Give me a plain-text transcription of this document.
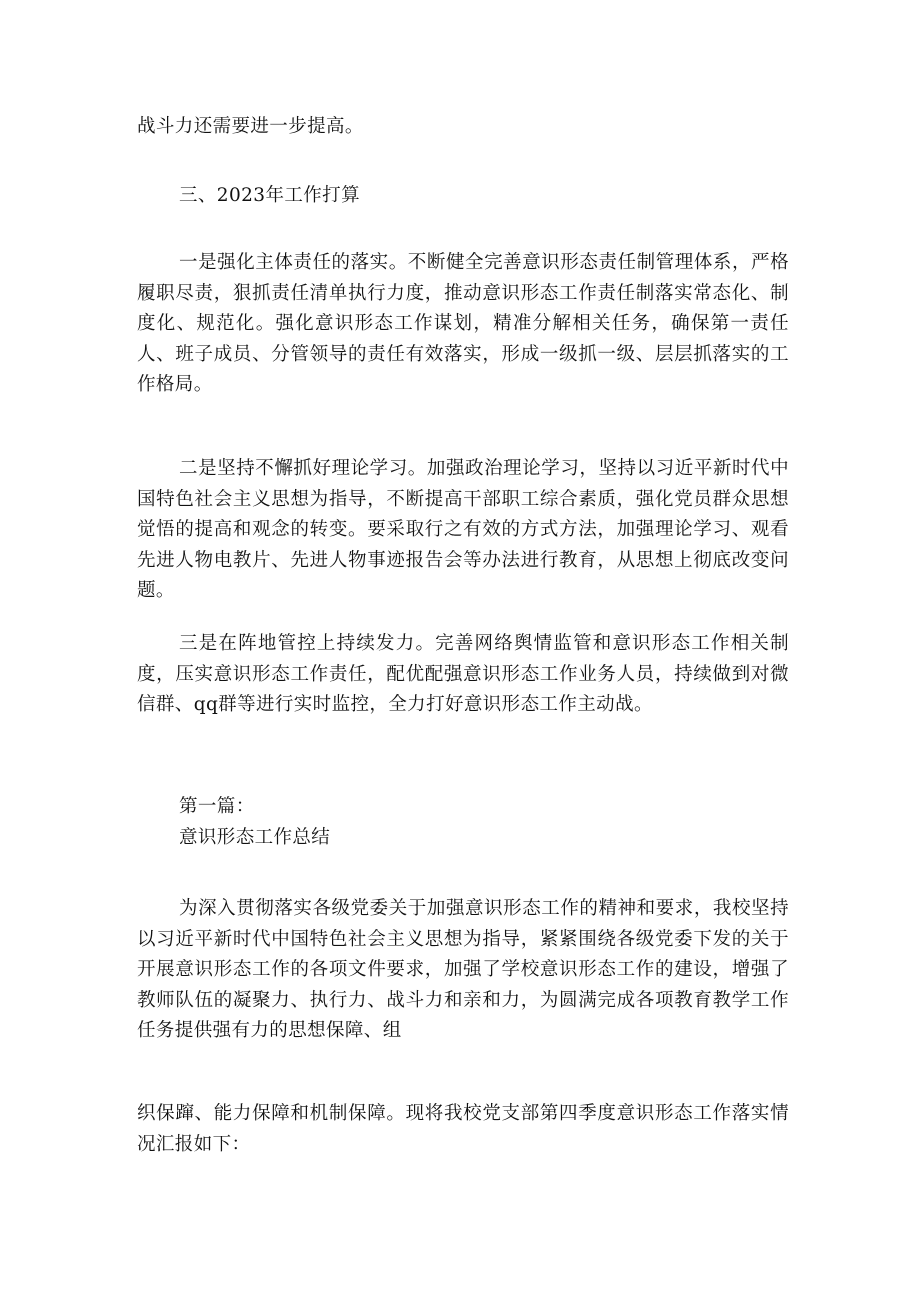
战斗力还需要进一步提高。

三、2023年工作打算

一是强化主体责任的落实。不断健全完善意识形态责任制管理体系，严格履职尽责，狠抓责任清单执行力度，推动意识形态工作责任制落实常态化、制度化、规范化。强化意识形态工作谋划，精准分解相关任务，确保第一责任人、班子成员、分管领导的责任有效落实，形成一级抓一级、层层抓落实的工作格局。

二是坚持不懈抓好理论学习。加强政治理论学习，坚持以习近平新时代中国特色社会主义思想为指导，不断提高干部职工综合素质，强化党员群众思想觉悟的提高和观念的转变。要采取行之有效的方式方法，加强理论学习、观看先进人物电教片、先进人物事迹报告会等办法进行教育，从思想上彻底改变问题。

三是在阵地管控上持续发力。完善网络舆情监管和意识形态工作相关制度，压实意识形态工作责任，配优配强意识形态工作业务人员，持续做到对微信群、qq群等进行实时监控，全力打好意识形态工作主动战。

第一篇：

意识形态工作总结

为深入贯彻落实各级党委关于加强意识形态工作的精神和要求，我校坚持以习近平新时代中国特色社会主义思想为指导，紧紧围绕各级党委下发的关于开展意识形态工作的各项文件要求，加强了学校意识形态工作的建设，增强了教师队伍的凝聚力、执行力、战斗力和亲和力，为圆满完成各项教育教学工作任务提供强有力的思想保障、组

织保蹿、能力保障和机制保障。现将我校党支部第四季度意识形态工作落实情况汇报如下：
